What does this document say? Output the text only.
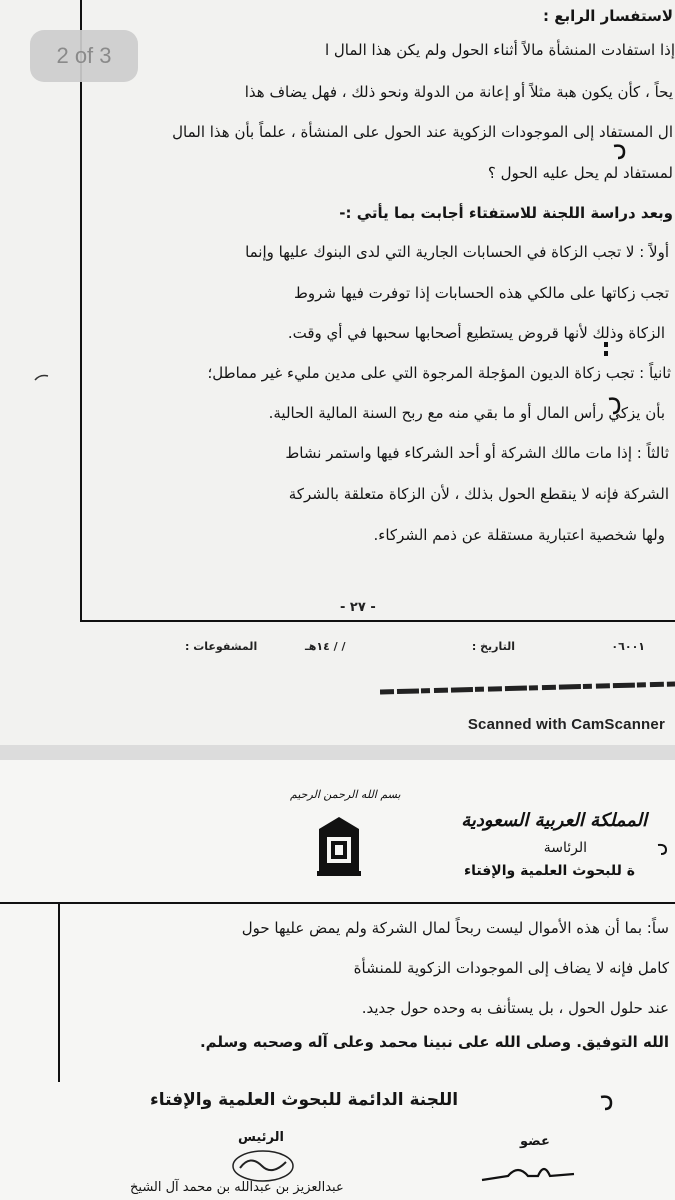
لاستفسار الرابع :
إذا استفادت المنشأة مالاً أثناء الحول ولم يكن هذا المال ا
يحاً ، كأن يكون هبة مثلاً أو إعانة من الدولة ونحو ذلك ، فهل يضاف هذا
ال المستفاد إلى الموجودات الزكوية عند الحول على المنشأة ، علماً بأن هذا المال
لمستفاد لم يحل عليه الحول ؟
وبعد دراسة اللجنة للاستفتاء أجابت بما يأتي :-
أولاً : لا تجب الزكاة في الحسابات الجارية التي لدى البنوك عليها وإنما
تجب زكاتها على مالكي هذه الحسابات إذا توفرت فيها شروط
الزكاة وذلك لأنها قروض يستطيع أصحابها سحبها في أي وقت.
ثانياً : تجب زكاة الديون المؤجلة المرجوة التي على مدين مليء غير مماطل؛
بأن يزكي رأس المال أو ما بقي منه مع ربح السنة المالية الحالية.
ثالثاً : إذا مات مالك الشركة أو أحد الشركاء فيها واستمر نشاط
الشركة فإنه لا ينقطع الحول بذلك ، لأن الزكاة متعلقة بالشركة
ولها شخصية اعتبارية مستقلة عن ذمم الشركاء.
- ٢٧ -
٠٦٠٠١
التاريخ :
/ / ١٤هـ
المشفوعات :
Scanned with CamScanner
2 of 3
المملكة العربية السعودية
الرئاسة
ة للبحوث العلمية والإفتاء
بسم الله الرحمن الرحيم
ساً: بما أن هذه الأموال ليست ربحاً لمال الشركة ولم يمض عليها حول
كامل فإنه لا يضاف إلى الموجودات الزكوية للمنشأة
عند حلول الحول ، بل يستأنف به وحده حول جديد.
الله التوفيق. وصلى الله على نبينا محمد وعلى آله وصحبه وسلم.
اللجنة الدائمة للبحوث العلمية والإفتاء
الرئيس	عضو
عبدالعزيز بن عبدالله بن محمد آل الشيخ
